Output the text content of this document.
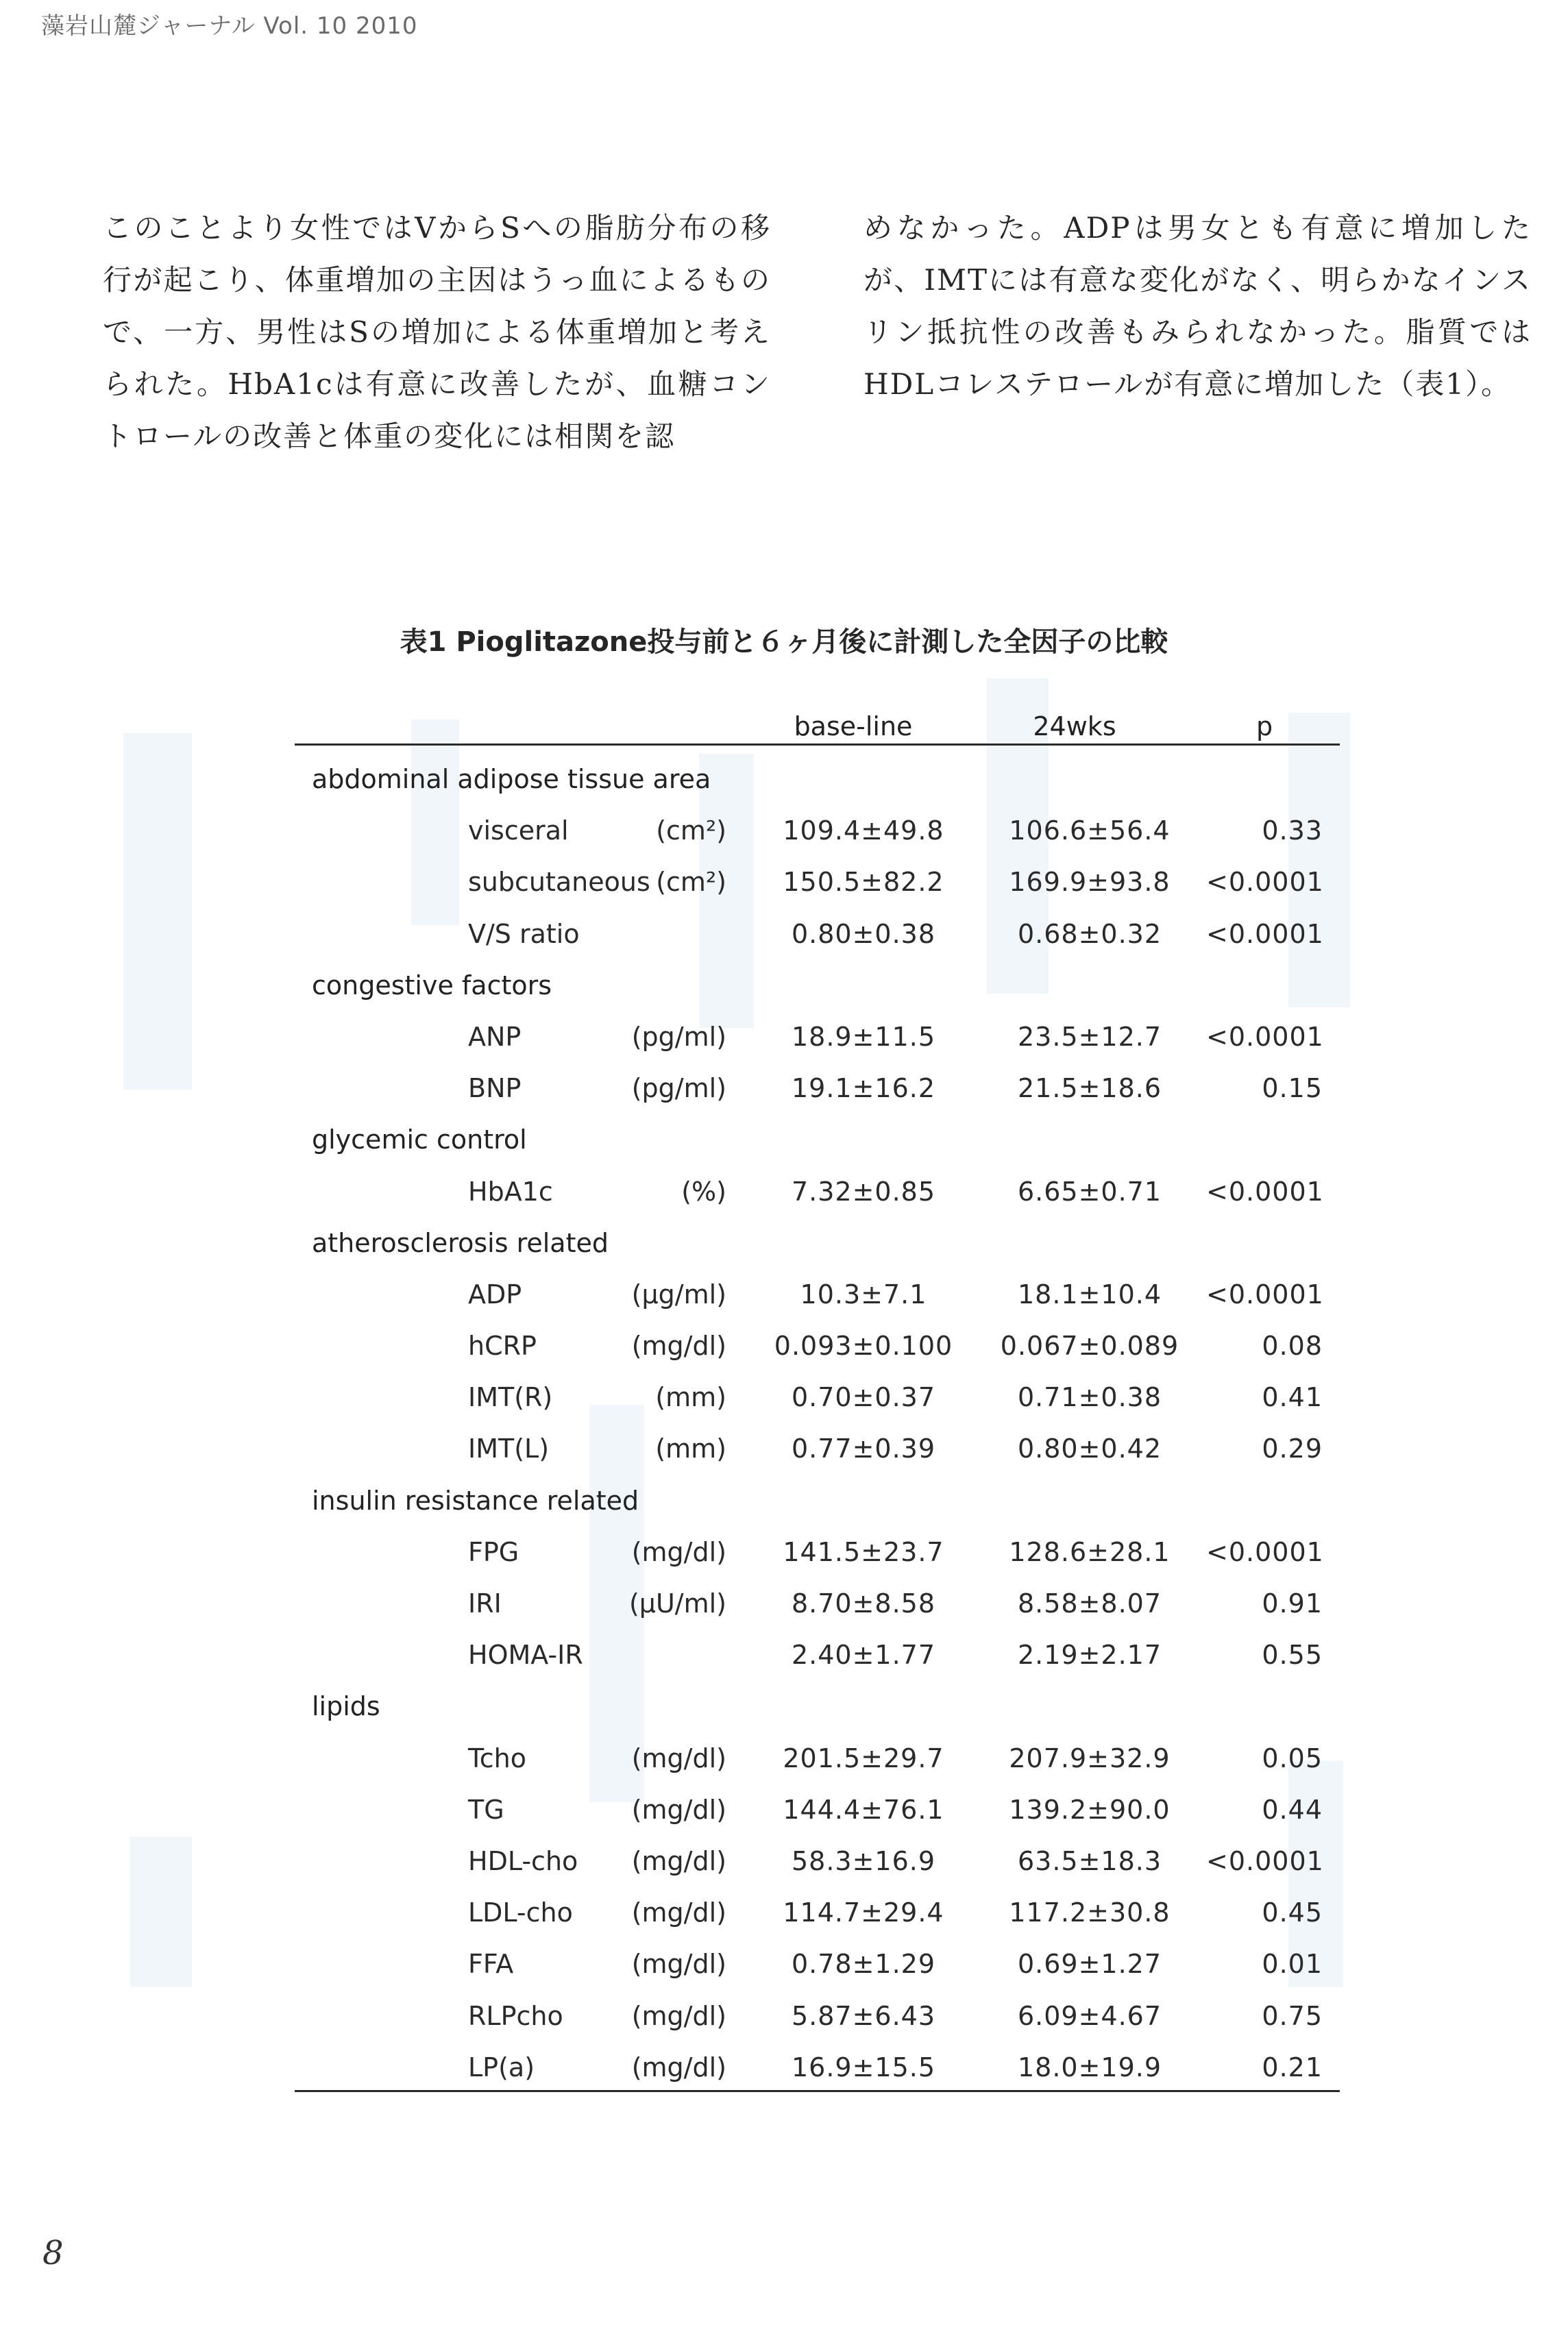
藻岩山麓ジャーナル Vol. 10 2010
このことより女性ではVからSへの脂肪分布の移行が起こり、体重増加の主因はうっ血によるもので、一方、男性はSの増加による体重増加と考えられた。HbA1cは有意に改善したが、血糖コントロールの改善と体重の変化には相関を認
めなかった。ADPは男女とも有意に増加したが、IMTには有意な変化がなく、明らかなインスリン抵抗性の改善もみられなかった。脂質ではHDLコレステロールが有意に増加した（表1）。
表1 Pioglitazone投与前と６ヶ月後に計測した全因子の比較
base-line	24wks	p
abdominal adipose tissue area
visceral	(cm²)	109.4±49.8	106.6±56.4	0.33
subcutaneous (cm²)	150.5±82.2	169.9±93.8	<0.0001
V/S ratio	0.80±0.38	0.68±0.32	<0.0001
congestive factors
ANP	(pg/ml)	18.9±11.5	23.5±12.7	<0.0001
BNP	(pg/ml)	19.1±16.2	21.5±18.6	0.15
glycemic control
HbA1c	(%)	7.32±0.85	6.65±0.71	<0.0001
atherosclerosis related
ADP	(μg/ml)	10.3±7.1	18.1±10.4	<0.0001
hCRP	(mg/dl)	0.093±0.100	0.067±0.089	0.08
IMT(R)	(mm)	0.70±0.37	0.71±0.38	0.41
IMT(L)	(mm)	0.77±0.39	0.80±0.42	0.29
insulin resistance related
FPG	(mg/dl)	141.5±23.7	128.6±28.1	<0.0001
IRI	(μU/ml)	8.70±8.58	8.58±8.07	0.91
HOMA-IR	2.40±1.77	2.19±2.17	0.55
lipids
Tcho	(mg/dl)	201.5±29.7	207.9±32.9	0.05
TG	(mg/dl)	144.4±76.1	139.2±90.0	0.44
HDL-cho	(mg/dl)	58.3±16.9	63.5±18.3	<0.0001
LDL-cho	(mg/dl)	114.7±29.4	117.2±30.8	0.45
FFA	(mg/dl)	0.78±1.29	0.69±1.27	0.01
RLPcho	(mg/dl)	5.87±6.43	6.09±4.67	0.75
LP(a)	(mg/dl)	16.9±15.5	18.0±19.9	0.21
8
